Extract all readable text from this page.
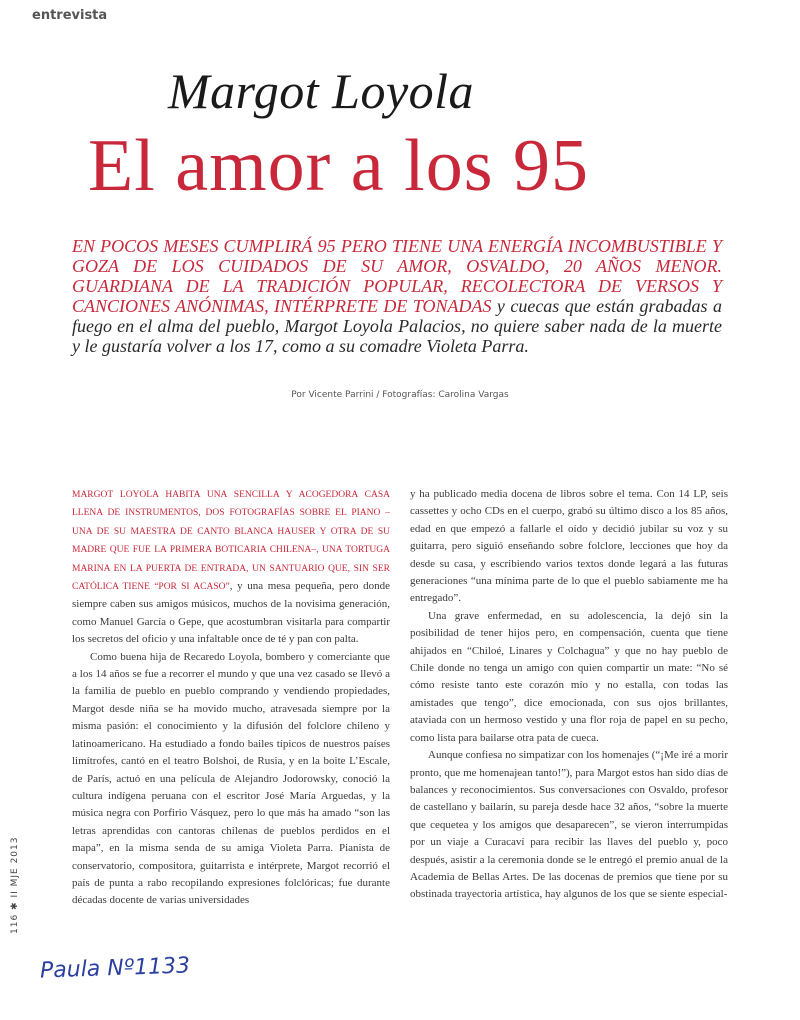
entrevista
Margot Loyola
El amor a los 95
EN POCOS MESES CUMPLIRÁ 95 PERO TIENE UNA ENERGÍA INCOMBUSTIBLE Y GOZA DE LOS CUIDADOS DE SU AMOR, OSVALDO, 20 AÑOS MENOR. GUARDIANA DE LA TRADICIÓN POPULAR, RECOLECTORA DE VERSOS Y CANCIONES ANÓNIMAS, INTÉRPRETE DE TONADAS y cuecas que están grabadas a fuego en el alma del pueblo, Margot Loyola Palacios, no quiere saber nada de la muerte y le gustaría volver a los 17, como a su comadre Violeta Parra.
Por Vicente Parrini / Fotografías: Carolina Vargas

MARGOT LOYOLA HABITA UNA SENCILLA Y ACOGEDORA CASA LLENA DE INSTRUMENTOS, DOS FOTOGRAFÍAS SOBRE EL PIANO –UNA DE SU MAESTRA DE CANTO BLANCA HAUSER Y OTRA DE SU MADRE QUE FUE LA PRIMERA BOTICARIA CHILENA–, UNA TORTUGA MARINA EN LA PUERTA DE ENTRADA, UN SANTUARIO QUE, SIN SER CATÓLICA TIENE “POR SI ACASO”, y una mesa pequeña, pero donde siempre caben sus amigos músicos, muchos de la novisima generación, como Manuel García o Gepe, que acostumbran visitarla para compartir los secretos del oficio y una infaltable once de té y pan con palta.

Como buena hija de Recaredo Loyola, bombero y comerciante que a los 14 años se fue a recorrer el mundo y que una vez casado se llevó a la familia de pueblo en pueblo comprando y vendiendo propiedades, Margot desde niña se ha movido mucho, atravesada siempre por la misma pasión: el conocimiento y la difusión del folclore chileno y latinoamericano. Ha estudiado a fondo bailes típicos de nuestros países limítrofes, cantó en el teatro Bolshoi, de Rusia, y en la boite L’Escale, de París, actuó en una película de Alejandro Jodorowsky, conoció la cultura indígena peruana con el escritor José María Arguedas, y la música negra con Porfirio Vásquez, pero lo que más ha amado “son las letras aprendidas con cantoras chilenas de pueblos perdidos en el mapa”, en la misma senda de su amiga Violeta Parra. Pianista de conservatorio, compositora, guitarrista e intérprete, Margot recorrió el país de punta a rabo recopilando expresiones folclóricas; fue durante décadas docente de varias universidades

y ha publicado media docena de libros sobre el tema. Con 14 LP, seis cassettes y ocho CDs en el cuerpo, grabó su último disco a los 85 años, edad en que empezó a fallarle el oído y decidió jubilar su voz y su guitarra, pero siguió enseñando sobre folclore, lecciones que hoy da desde su casa, y escribiendo varios textos donde legará a las futuras generaciones “una mínima parte de lo que el pueblo sabiamente me ha entregado”.

Una grave enfermedad, en su adolescencia, la dejó sin la posibilidad de tener hijos pero, en compensación, cuenta que tiene ahijados en “Chiloé, Linares y Colchagua” y que no hay pueblo de Chile donde no tenga un amigo con quien compartir un mate: “No sé cómo resiste tanto este corazón mío y no estalla, con todas las amistades que tengo”, dice emocionada, con sus ojos brillantes, ataviada con un hermoso vestido y una flor roja de papel en su pecho, como lista para bailarse otra pata de cueca.

Aunque confiesa no simpatizar con los homenajes (“¡Me iré a morir pronto, que me homenajean tanto!”), para Margot estos han sido días de balances y reconocimientos. Sus conversaciones con Osvaldo, profesor de castellano y bailarín, su pareja desde hace 32 años, “sobre la muerte que cequetea y los amigos que desaparecen”, se vieron interrumpidas por un viaje a Curacaví para recibir las llaves del pueblo y, poco después, asistir a la ceremonia donde se le entregó el premio anual de la Academia de Bellas Artes. De las docenas de premios que tiene por su obstinada trayectoria artística, hay algunos de los que se siente especial-

116 ✱ II MJE 2013
Paula Nº1133
